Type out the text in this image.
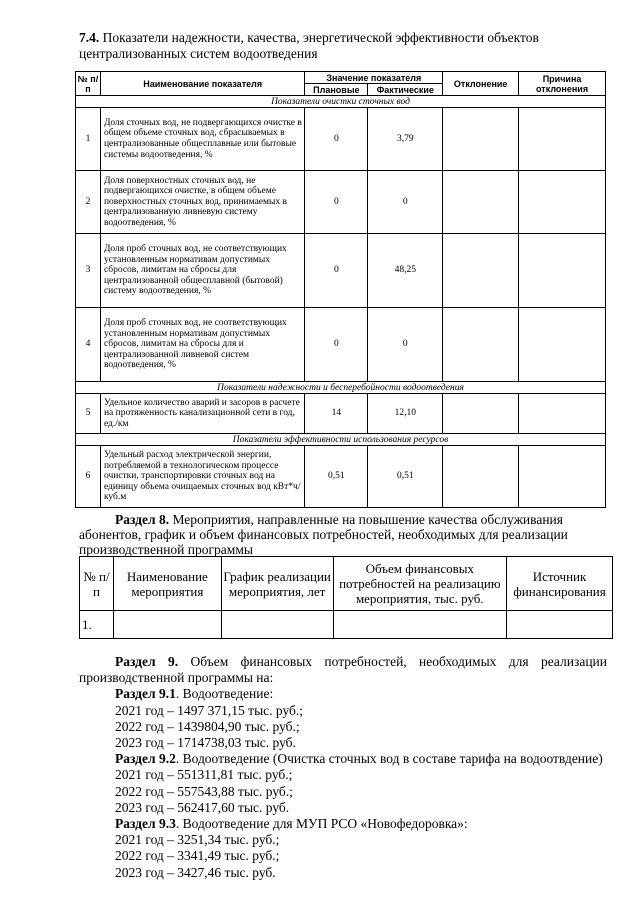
7.4. Показатели надежности, качества, энергетической эффективности объектов централизованных систем водоотведения
№ п/п	Наименование показателя	Значение показателя		Отклонение	Причина отклонения
		Плановые	Фактические		
Показатели очистки сточных вод					
1	Доля сточных вод, не подвергающихся очистке в общем объеме сточных вод, сбрасываемых в централизованные общесплавные или бытовые системы водоотведения, %	0	3,79		
2	Доля поверхностных сточных вод, не подвергающихся очистке, в общем объеме поверхностных сточных вод, принимаемых в централизованную ливневую систему водоотведения, %	0	0		
3	Доля проб сточных вод, не соответствующих установленным нормативам допустимых сбросов, лимитам на сбросы для централизованной общесплавной (бытовой) систему водоотведения, %	0	48,25		
4	Доля проб сточных вод, не соответствующих установленным нормативам допустимых сбросов, лимитам на сбросы для и централизованной ливневой систем водоотведения, %	0	0		
Показатели надежности и бесперебойности водоотведения					
5	Удельное количество аварий и засоров в расчете на протяженность канализационной сети в год, ед./км	14	12,10		
Показатели эффективности использования ресурсов					
6	Удельный расход электрической энергии, потребляемой в технологическом процессе очистки, транспортировки сточных вод на единицу объема очищаемых сточных вод кВт*ч/куб.м	0,51	0,51		
Раздел 8. Мероприятия, направленные на повышение качества обслуживания абонентов, график и объем финансовых потребностей, необходимых для реализации производственной программы
№ п/п	Наименование мероприятия	График реализации мероприятия, лет	Объем финансовых потребностей на реализацию мероприятия, тыс. руб.	Источник финансирования
1.				

Раздел 9. Объем финансовых потребностей, необходимых для реализации производственной программы на:

Раздел 9.1. Водоотведение:

2021 год – 1497 371,15 тыс. руб.;

2022 год – 1439804,90 тыс. руб.;

2023 год – 1714738,03 тыс. руб.

Раздел 9.2. Водоотведение (Очистка сточных вод в составе тарифа на водоотвдение)

2021 год – 551311,81 тыс. руб.;

2022 год – 557543,88 тыс. руб.;

2023 год – 562417,60 тыс. руб.

Раздел 9.3. Водоотведение для МУП РСО «Новофедоровка»:

2021 год – 3251,34 тыс. руб.;

2022 год – 3341,49 тыс. руб.;

2023 год – 3427,46 тыс. руб.
